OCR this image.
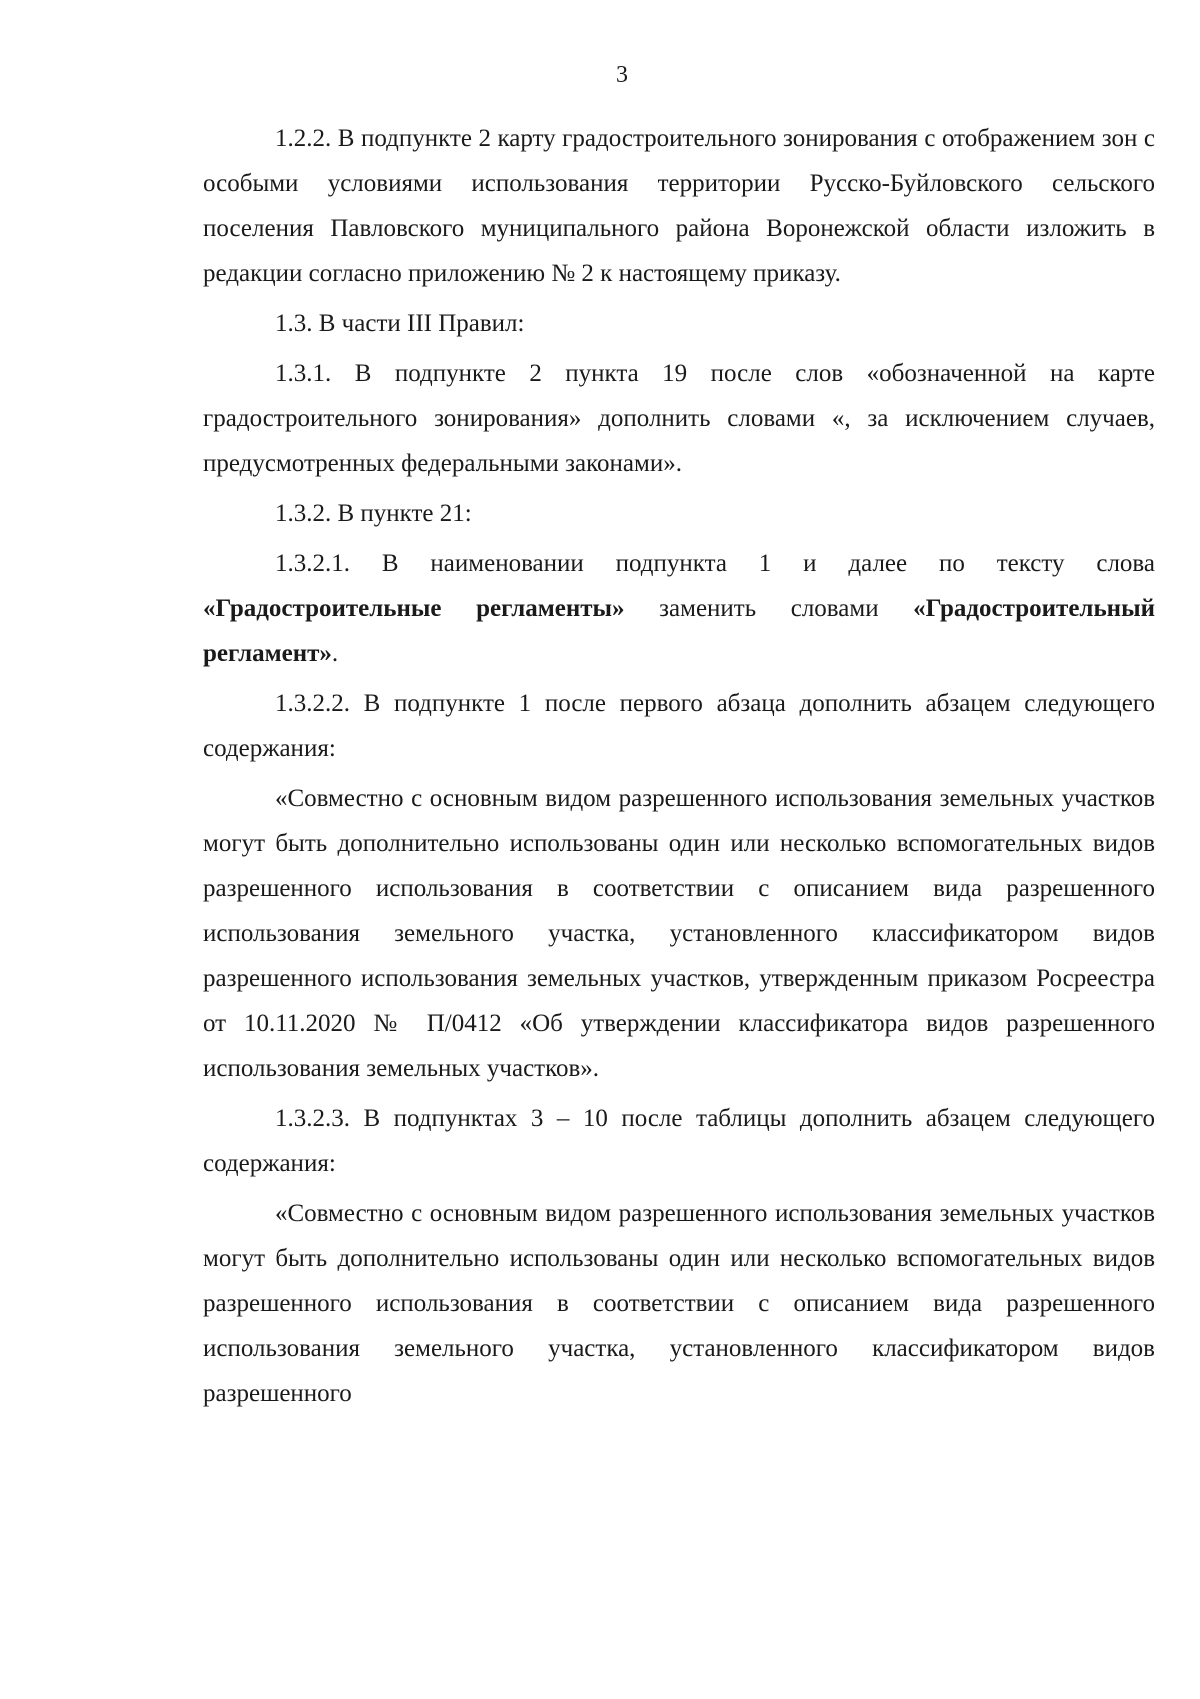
3

1.2.2. В подпункте 2 карту градостроительного зонирования с отображением зон с особыми условиями использования территории Русско-Буйловского сельского поселения Павловского муниципального района Воронежской области изложить в редакции согласно приложению № 2 к настоящему приказу.

1.3. В части III Правил:

1.3.1. В подпункте 2 пункта 19 после слов «обозначенной на карте градостроительного зонирования» дополнить словами «, за исключением случаев, предусмотренных федеральными законами».

1.3.2. В пункте 21:

1.3.2.1. В наименовании подпункта 1 и далее по тексту слова «Градостроительные регламенты» заменить словами «Градостроительный регламент».

1.3.2.2. В подпункте 1 после первого абзаца дополнить абзацем следующего содержания:

«Совместно с основным видом разрешенного использования земельных участков могут быть дополнительно использованы один или несколько вспомогательных видов разрешенного использования в соответствии с описанием вида разрешенного использования земельного участка, установленного классификатором видов разрешенного использования земельных участков, утвержденным приказом Росреестра от 10.11.2020 № П/0412 «Об утверждении классификатора видов разрешенного использования земельных участков».

1.3.2.3. В подпунктах 3 – 10 после таблицы дополнить абзацем следующего содержания:

«Совместно с основным видом разрешенного использования земельных участков могут быть дополнительно использованы один или несколько вспомогательных видов разрешенного использования в соответствии с описанием вида разрешенного использования земельного участка, установленного классификатором видов разрешенного
